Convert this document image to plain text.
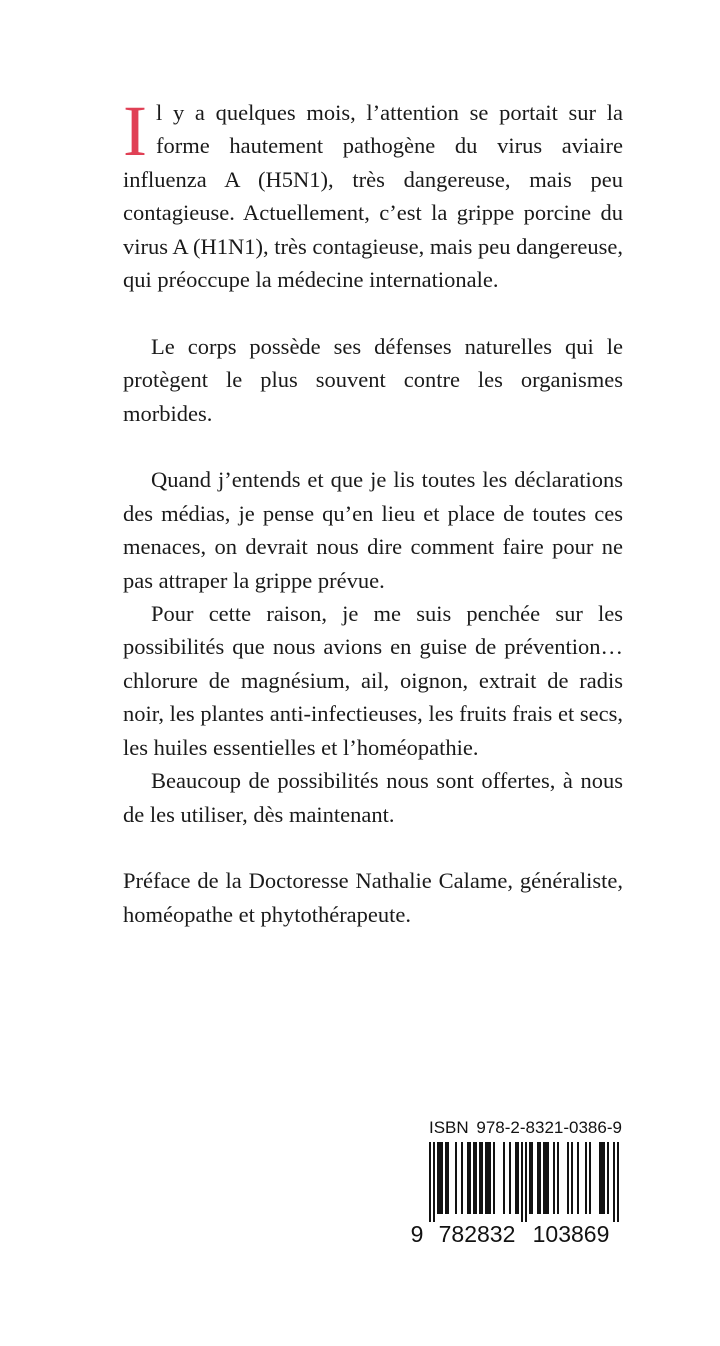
Il y a quelques mois, l’attention se portait sur la forme hautement pathogène du virus aviaire influenza A (H5N1), très dangereuse, mais peu contagieuse. Actuellement, c’est la grippe porcine du virus A (H1N1), très contagieuse, mais peu dangereuse, qui préoccupe la médecine internationale.

Le corps possède ses défenses naturelles qui le protègent le plus souvent contre les organismes morbides.

Quand j’entends et que je lis toutes les déclarations des médias, je pense qu’en lieu et place de toutes ces menaces, on devrait nous dire comment faire pour ne pas attraper la grippe prévue.

Pour cette raison, je me suis penchée sur les possibilités que nous avions en guise de prévention… chlorure de magnésium, ail, oignon, extrait de radis noir, les plantes anti-infectieuses, les fruits frais et secs, les huiles essentielles et l’homéopathie.

Beaucoup de possibilités nous sont offertes, à nous de les utiliser, dès maintenant.

Préface de la Doctoresse Nathalie Calame, généraliste, homéopathe et phytothérapeute.

ISBN 978-2-8321-0386-9
9 782832 103869
